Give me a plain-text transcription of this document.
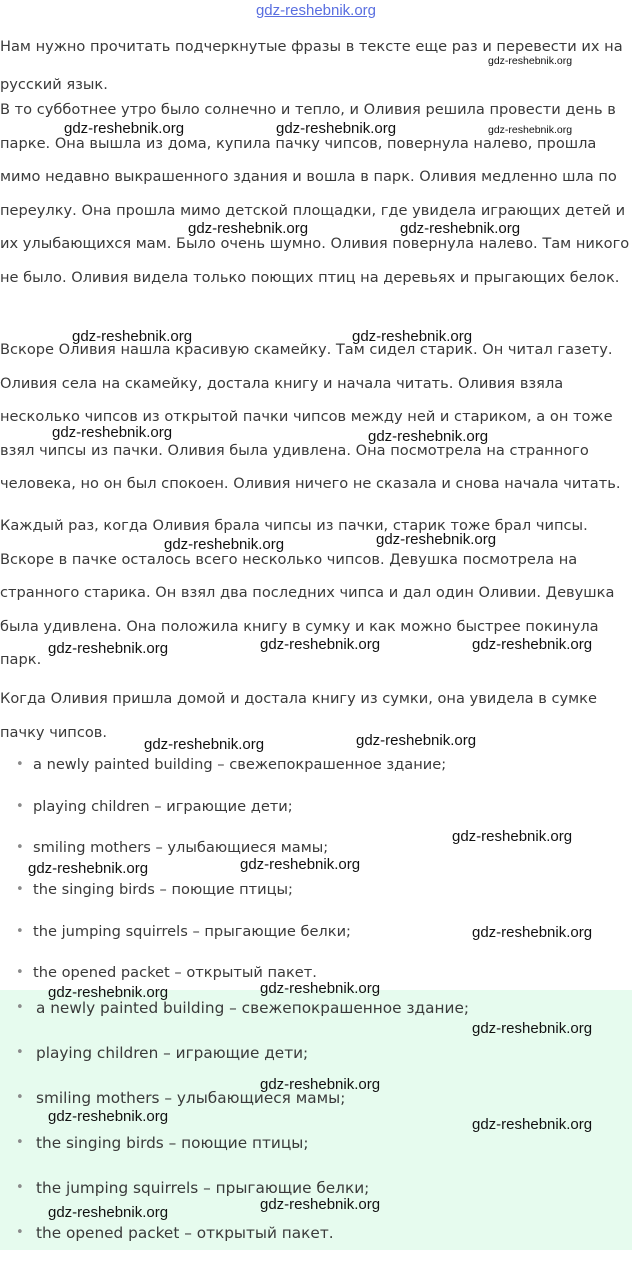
gdz-reshebnik.org

Нам нужно прочитать подчеркнутые фразы в тексте еще раз и перевести их на русский язык.

В то субботнее утро было солнечно и тепло, и Оливия решила провести день в парке. Она вышла из дома, купила пачку чипсов, повернула налево, прошла мимо недавно выкрашенного здания и вошла в парк. Оливия медленно шла по переулку. Она прошла мимо детской площадки, где увидела играющих детей и их улыбающихся мам. Было очень шумно. Оливия повернула налево. Там никого не было. Оливия видела только поющих птиц на деревьях и прыгающих белок.

Вскоре Оливия нашла красивую скамейку. Там сидел старик. Он читал газету. Оливия села на скамейку, достала книгу и начала читать. Оливия взяла несколько чипсов из открытой пачки чипсов между ней и стариком, а он тоже взял чипсы из пачки. Оливия была удивлена. Она посмотрела на странного человека, но он был спокоен. Оливия ничего не сказала и снова начала читать.

Каждый раз, когда Оливия брала чипсы из пачки, старик тоже брал чипсы. Вскоре в пачке осталось всего несколько чипсов. Девушка посмотрела на странного старика. Он взял два последних чипса и дал один Оливии. Девушка была удивлена. Она положила книгу в сумку и как можно быстрее покинула парк.

Когда Оливия пришла домой и достала книгу из сумки, она увидела в сумке пачку чипсов.

• a newly painted building – свежепокрашенное здание;
• playing children – играющие дети;
• smiling mothers – улыбающиеся мамы;
• the singing birds – поющие птицы;
• the jumping squirrels – прыгающие белки;
• the opened packet – открытый пакет.
• a newly painted building – свежепокрашенное здание;
• playing children – играющие дети;
• smiling mothers – улыбающиеся мамы;
• the singing birds – поющие птицы;
• the jumping squirrels – прыгающие белки;
• the opened packet – открытый пакет.
gdz-reshebnik.org
gdz-reshebnik.org	gdz-reshebnik.org	gdz-reshebnik.org
gdz-reshebnik.org	gdz-reshebnik.org
gdz-reshebnik.org	gdz-reshebnik.org
gdz-reshebnik.org	gdz-reshebnik.org
gdz-reshebnik.org	gdz-reshebnik.org
gdz-reshebnik.org	gdz-reshebnik.org	gdz-reshebnik.org
gdz-reshebnik.org	gdz-reshebnik.org
gdz-reshebnik.org
gdz-reshebnik.org	gdz-reshebnik.org
gdz-reshebnik.org
gdz-reshebnik.org	gdz-reshebnik.org
gdz-reshebnik.org
gdz-reshebnik.org
gdz-reshebnik.org	gdz-reshebnik.org
gdz-reshebnik.org
gdz-reshebnik.org
